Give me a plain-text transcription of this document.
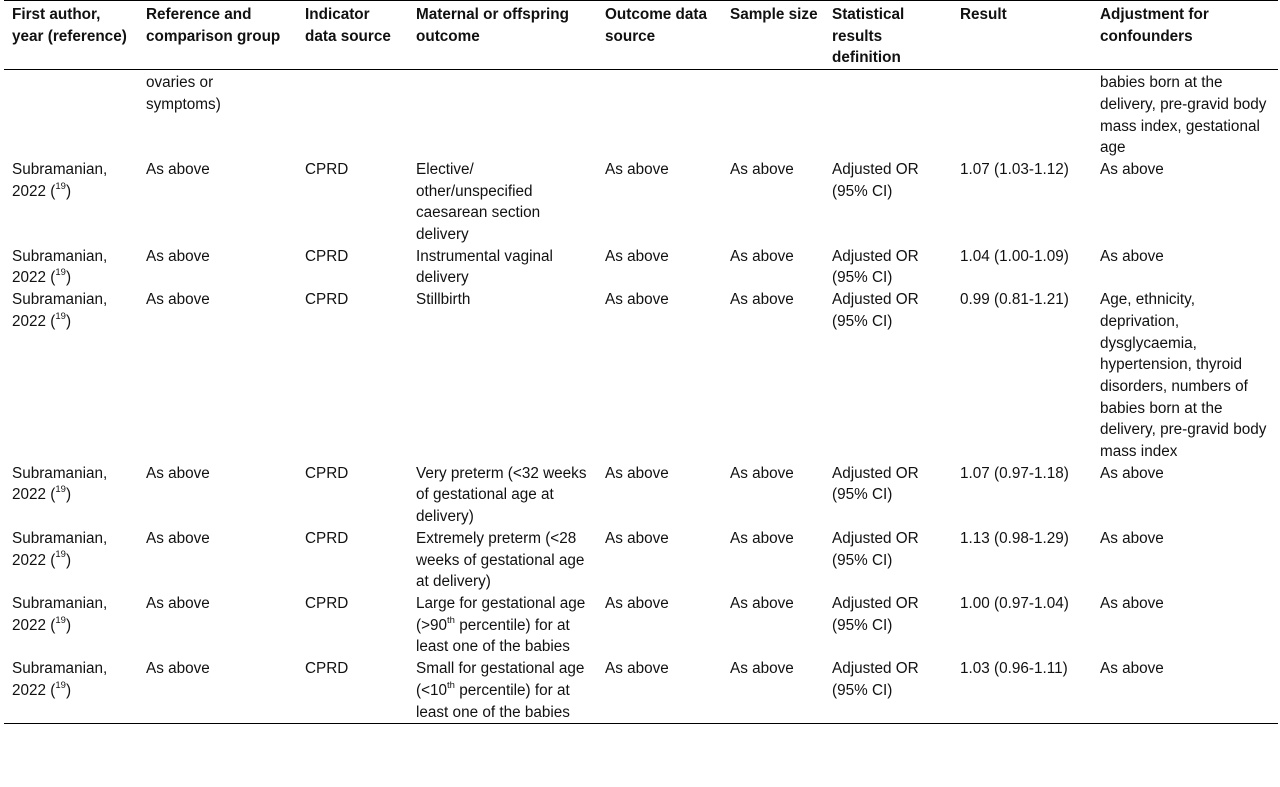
First author, year (reference)	Reference and comparison group	Indicator data source	Maternal or offspring outcome	Outcome data source	Sample size	Statistical results definition	Result	Adjustment for confounders
	ovaries or symptoms)							babies born at the delivery, pre-gravid body mass index, gestational age
Subramanian, 2022 ($^{19}$)	As above	CPRD	Elective/ other/unspecified caesarean section delivery	As above	As above	Adjusted OR (95% CI)	1.07 (1.03-1.12)	As above
Subramanian, 2022 ($^{19}$)	As above	CPRD	Instrumental vaginal delivery	As above	As above	Adjusted OR (95% CI)	1.04 (1.00-1.09)	As above
Subramanian, 2022 ($^{19}$)	As above	CPRD	Stillbirth	As above	As above	Adjusted OR (95% CI)	0.99 (0.81-1.21)	Age, ethnicity, deprivation, dysglycaemia, hypertension, thyroid disorders, numbers of babies born at the delivery, pre-gravid body mass index
Subramanian, 2022 ($^{19}$)	As above	CPRD	Very preterm (<32 weeks of gestational age at delivery)	As above	As above	Adjusted OR (95% CI)	1.07 (0.97-1.18)	As above
Subramanian, 2022 ($^{19}$)	As above	CPRD	Extremely preterm (<28 weeks of gestational age at delivery)	As above	As above	Adjusted OR (95% CI)	1.13 (0.98-1.29)	As above
Subramanian, 2022 ($^{19}$)	As above	CPRD	Large for gestational age (>90th percentile) for at least one of the babies	As above	As above	Adjusted OR (95% CI)	1.00 (0.97-1.04)	As above
Subramanian, 2022 ($^{19}$)	As above	CPRD	Small for gestational age (<10th percentile) for at least one of the babies	As above	As above	Adjusted OR (95% CI)	1.03 (0.96-1.11)	As above
